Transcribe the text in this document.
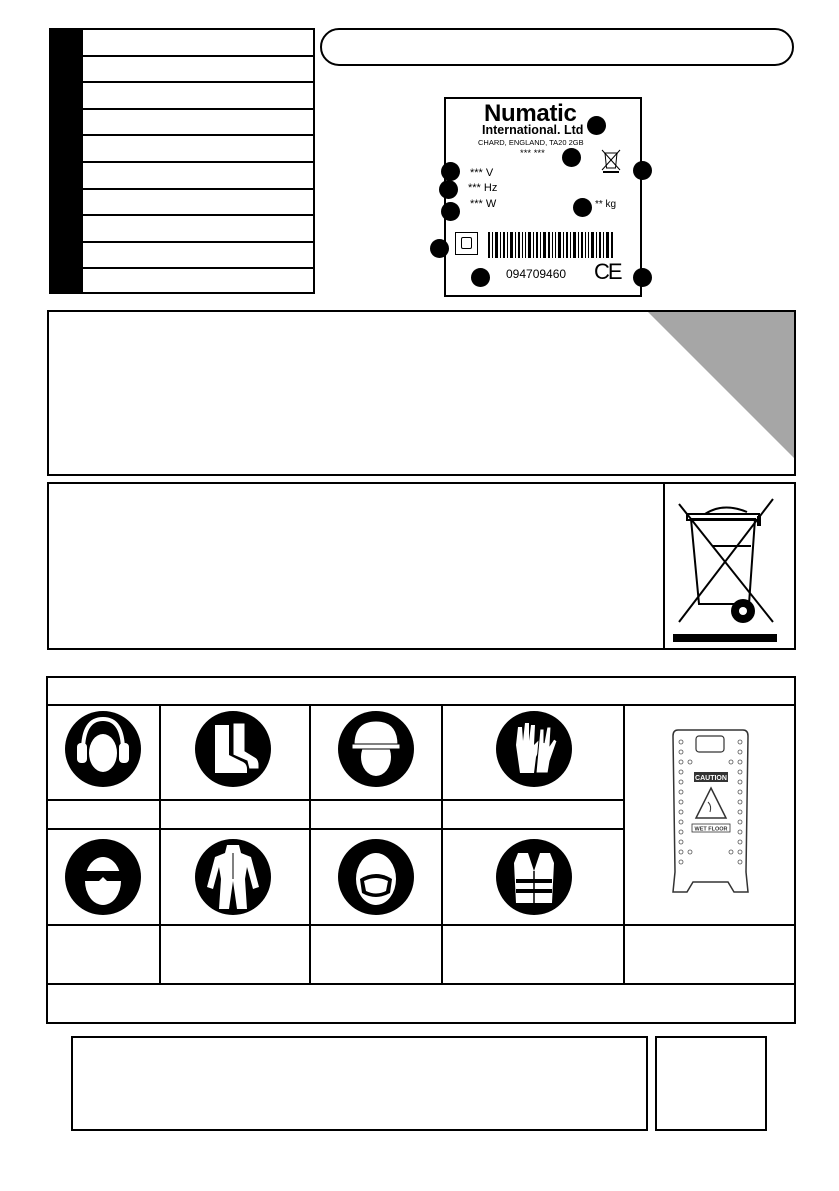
Numatic
International. Ltd
CHARD, ENGLAND, TA20 2GB
*** ***
*** V
*** Hz
*** W	** kg
094709460 CE
CAUTION
WET FLOOR
